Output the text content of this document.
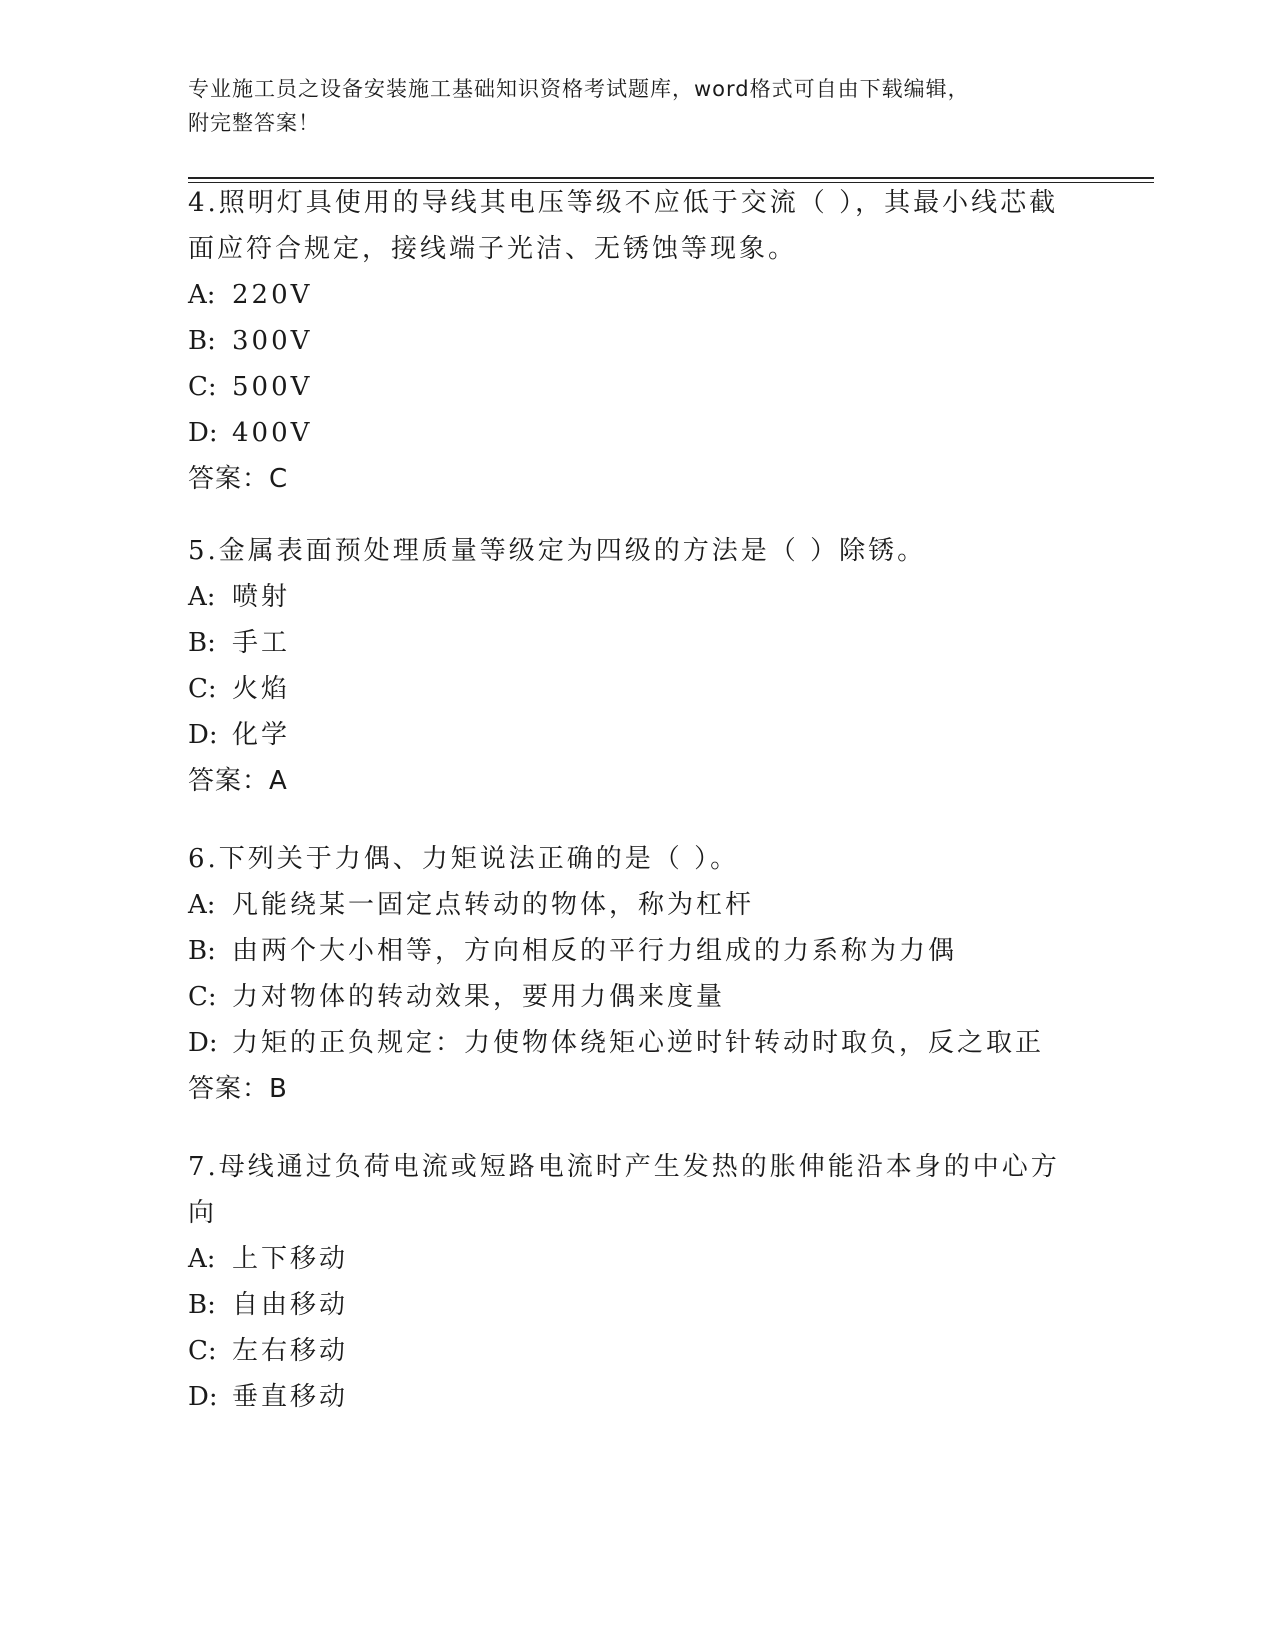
专业施工员之设备安装施工基础知识资格考试题库，word格式可自由下载编辑，
附完整答案！

4.照明灯具使用的导线其电压等级不应低于交流（ ），其最小线芯截

面应符合规定，接线端子光洁、无锈蚀等现象。

A: 220V

B: 300V

C: 500V

D: 400V

答案：C

5.金属表面预处理质量等级定为四级的方法是（ ）除锈。

A: 喷射

B: 手工

C: 火焰

D: 化学

答案：A

6.下列关于力偶、力矩说法正确的是（ ）。

A: 凡能绕某一固定点转动的物体，称为杠杆

B: 由两个大小相等，方向相反的平行力组成的力系称为力偶

C: 力对物体的转动效果，要用力偶来度量

D: 力矩的正负规定：力使物体绕矩心逆时针转动时取负，反之取正

答案：B

7.母线通过负荷电流或短路电流时产生发热的胀伸能沿本身的中心方

向

A: 上下移动

B: 自由移动

C: 左右移动

D: 垂直移动
